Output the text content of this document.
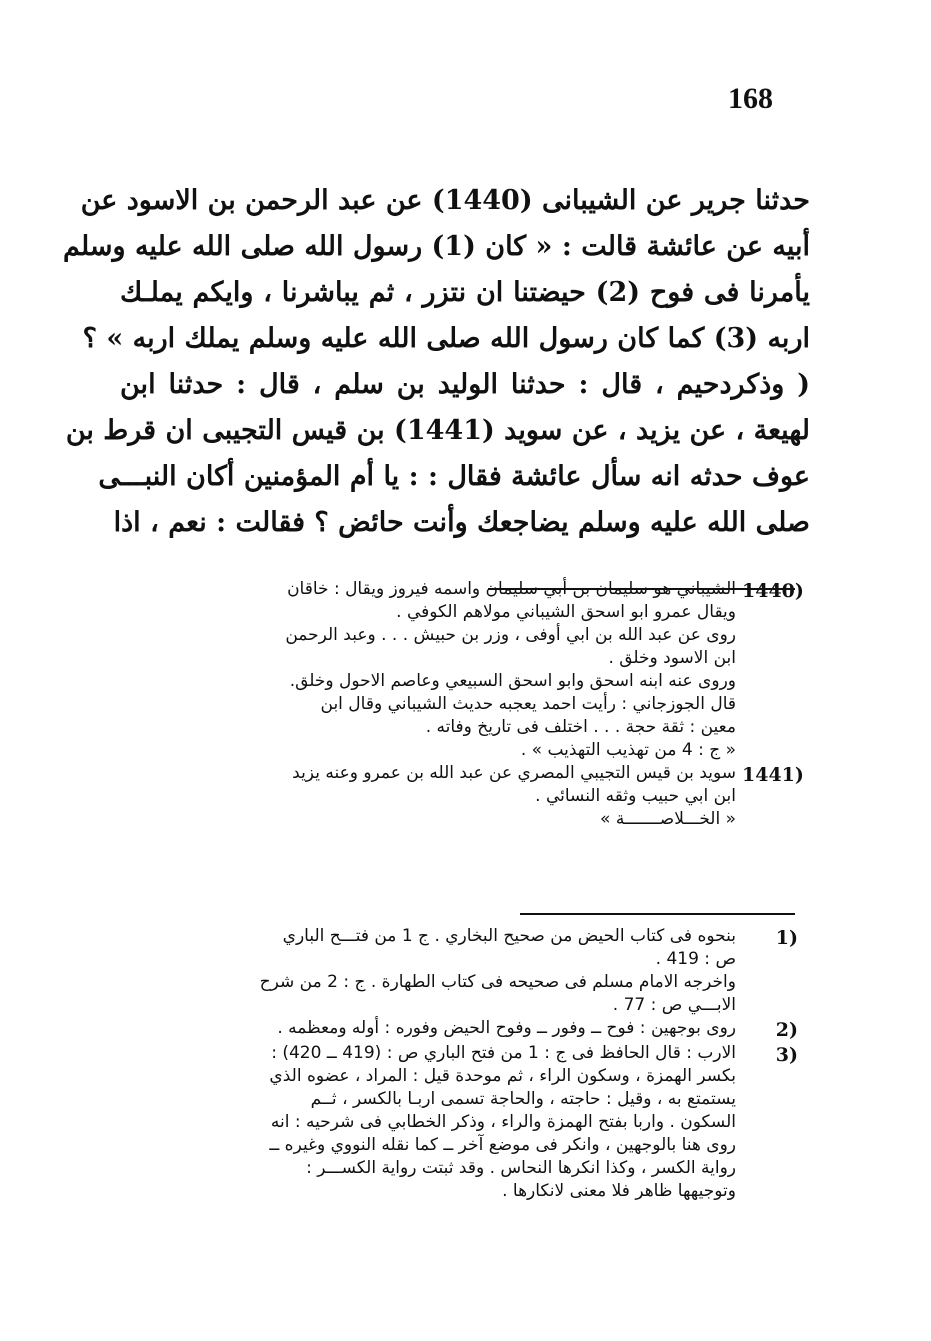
168
حدثنا جرير عن الشيبانى (1440) عن عبد الرحمن بن الاسود عن
أبيه عن عائشة قالت : « كان (1) رسول الله صلى الله عليه وسلم
يأمرنا فى فوح (2) حيضتنا ان نتزر ، ثم يباشرنا ، وايكم يملـك
اربه (3) كما كان رسول الله صلى الله عليه وسلم يملك اربه » ؟
( وذكردحيم ، قال : حدثنا الوليد بن سلم ، قال : حدثنا ابن
لهيعة ، عن يزيد ، عن سويد (1441) بن قيس التجيبى ان قرط بن
عوف حدثه انه سأل عائشة فقال : : يا أم المؤمنين أكان النبـــى
صلى الله عليه وسلم يضاجعك وأنت حائض ؟ فقالت : نعم ، اذا
1440)
الشيباني هو سليمان بن أبي سليمان واسمه فيروز ويقال : خاقان
ويقال عمرو ابو اسحق الشيباني مولاهم الكوفي .
روى عن عبد الله بن ابي أوفى ، وزر بن حبيش . . . وعبد الرحمن
ابن الاسود وخلق .
وروى عنه ابنه اسحق وابو اسحق السبيعي وعاصم الاحول وخلق.
قال الجوزجاني : رأيت احمد يعجبه حديث الشيباني وقال ابن
معين : ثقة حجة . . . اختلف فى تاريخ وفاته .
« ج : 4 من تهذيب التهذيب » .
1441)
سويد بن قيس التجيبي المصري عن عبد الله بن عمرو وعنه يزيد
ابن ابي حبيب وثقه النسائي .
« الخـــلاصـــــــة »
1)
بنحوه فى كتاب الحيض من صحيح البخاري . ج 1 من فتـــح الباري
ص : 419 .
واخرجه الامام مسلم فى صحيحه فى كتاب الطهارة . ج : 2 من شرح
الابـــي ص : 77 .
2)
روى بوجهين : فوح ــ وفور ــ وفوح الحيض وفوره : أوله ومعظمه .
3)
الارب : قال الحافظ فى ج : 1 من فتح الباري ص : (419 ــ 420) :
بكسر الهمزة ، وسكون الراء ، ثم موحدة قيل : المراد ، عضوه الذي
يستمتع به ، وقيل : حاجته ، والحاجة تسمى اربـا بالكسر ، ثــم
السكون . واربا بفتح الهمزة والراء ، وذكر الخطابي فى شرحيه : انه
روى هنا بالوجهين ، وانكر فى موضع آخر ــ كما نقله النووي وغيره ــ
رواية الكسر ، وكذا انكرها النحاس . وقد ثبتت رواية الكســـر :
وتوجيهها ظاهر فلا معنى لانكارها .
